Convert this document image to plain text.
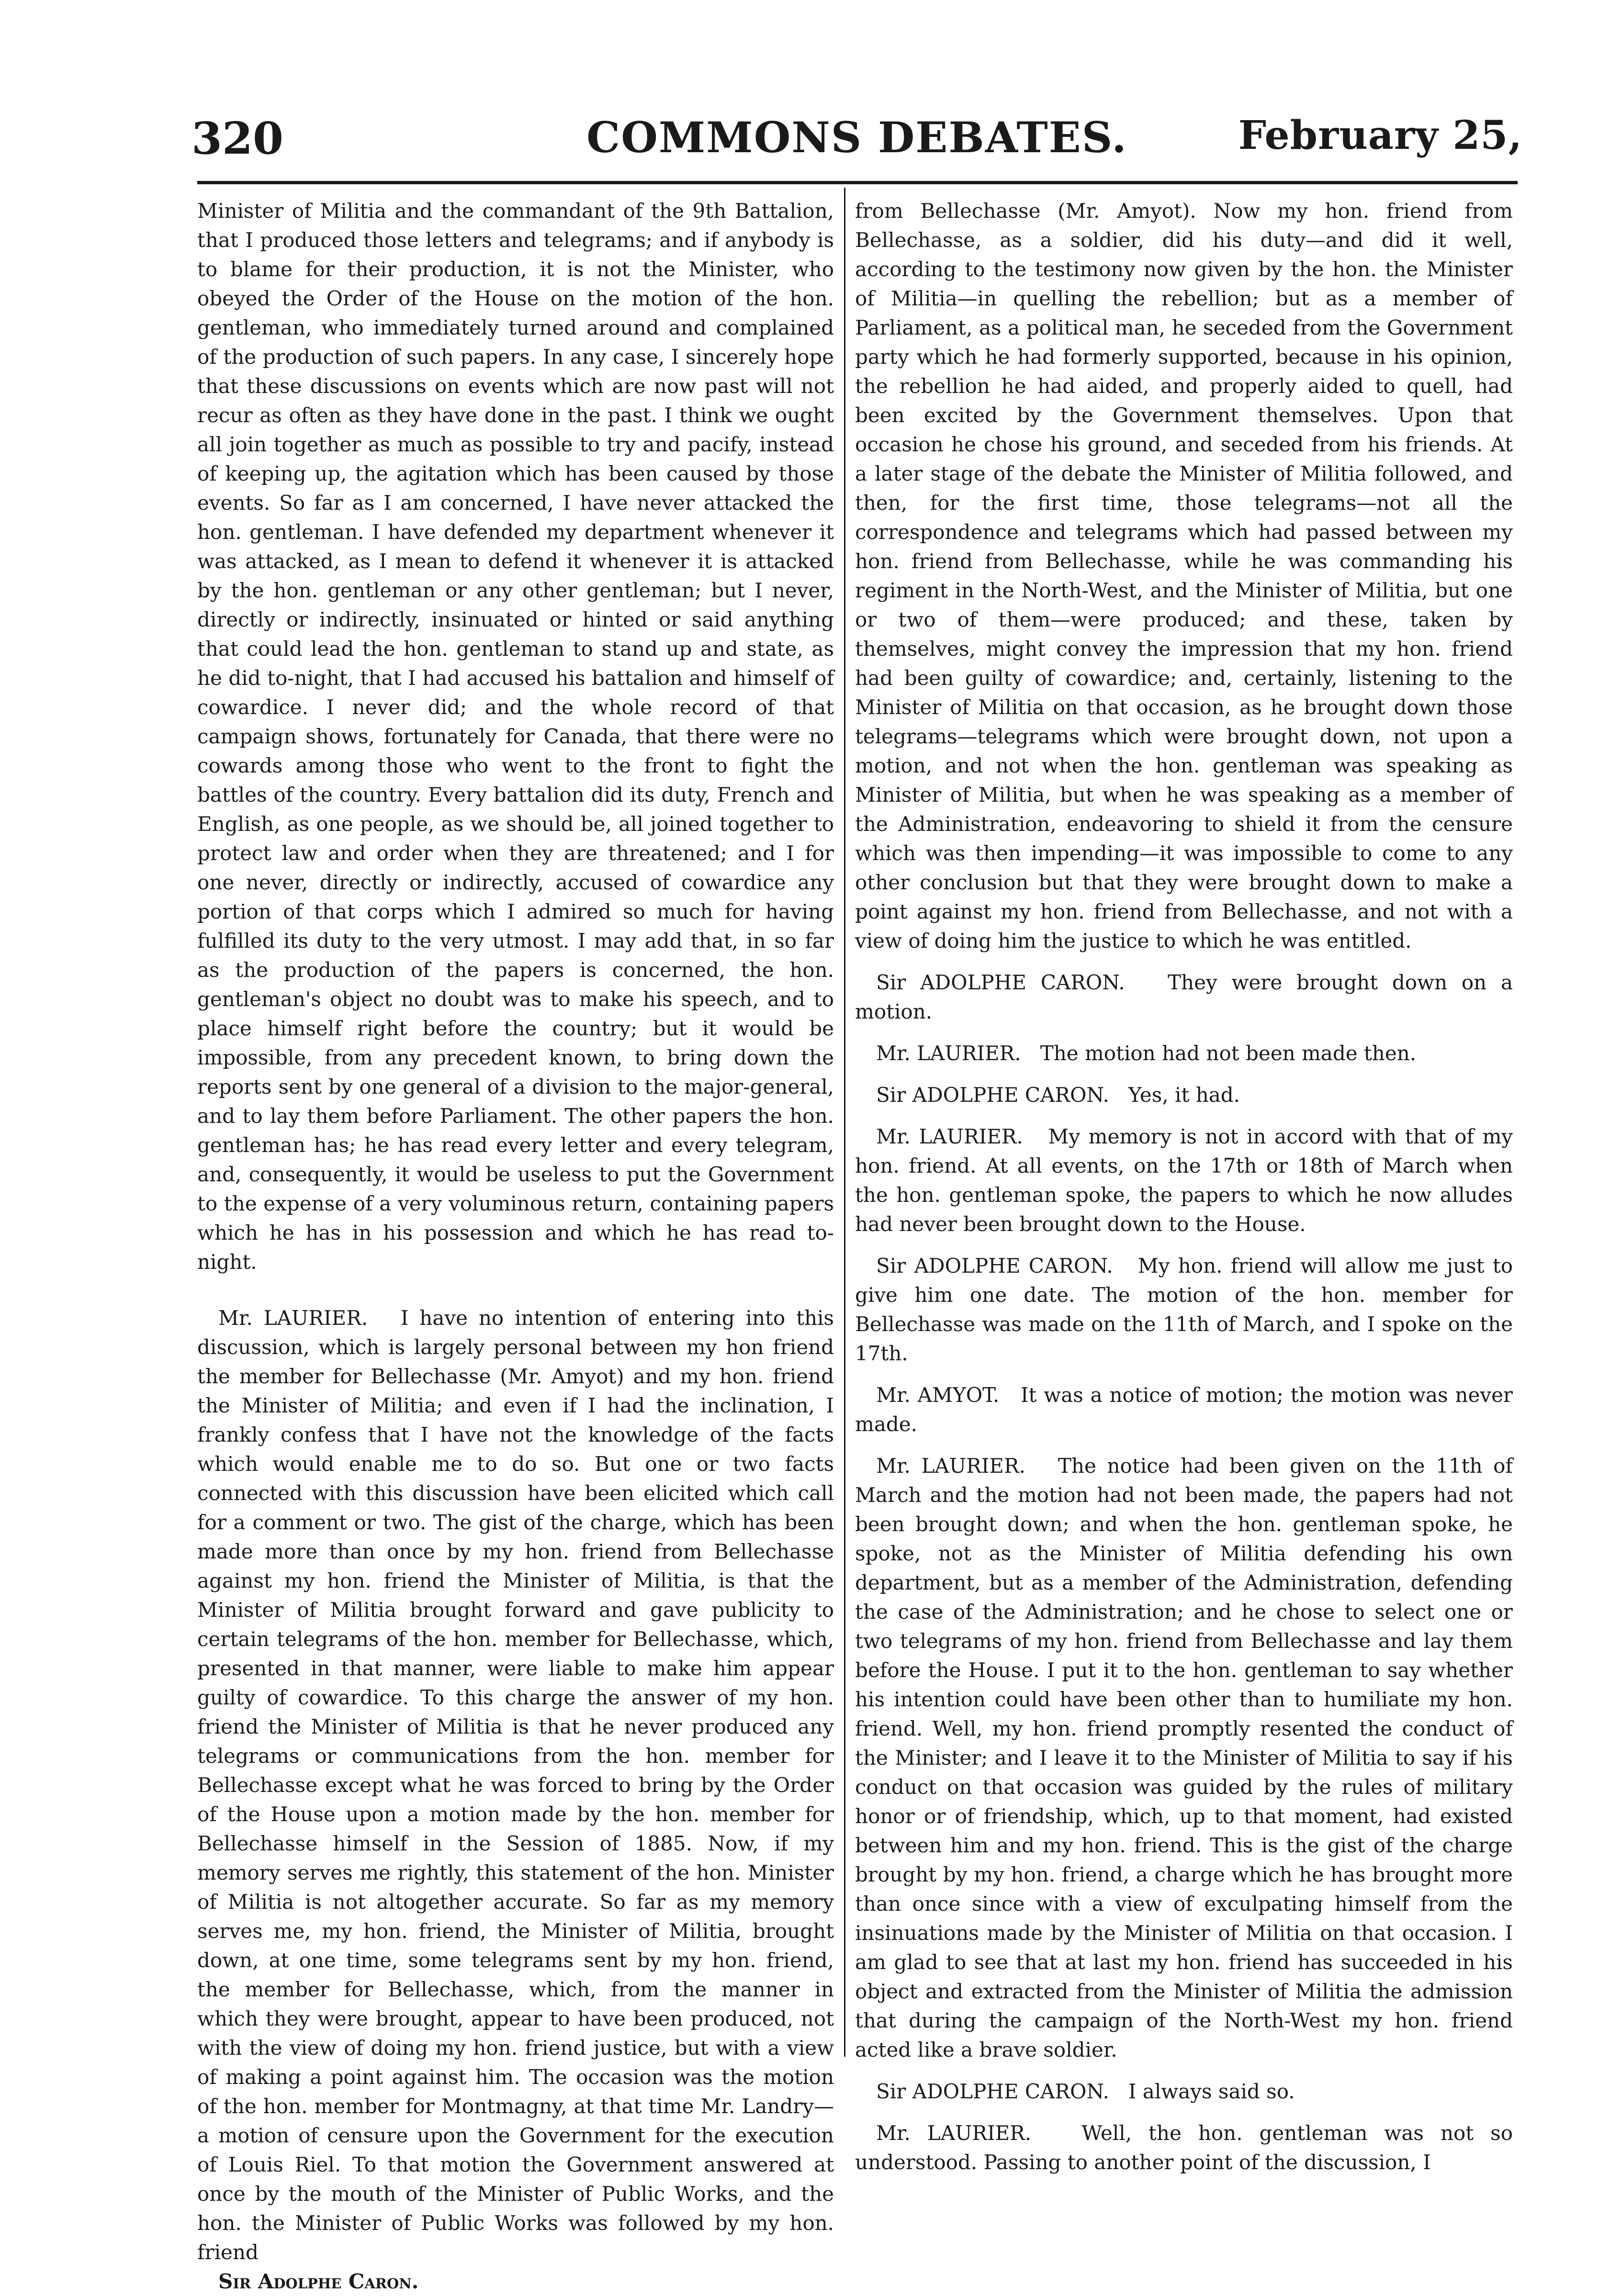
320	COMMONS DEBATES.	February 25,

Minister of Militia and the commandant of the 9th Battalion, that I produced those letters and telegrams; and if anybody is to blame for their production, it is not the Minister, who obeyed the Order of the House on the motion of the hon. gentleman, who immediately turned around and complained of the production of such papers. In any case, I sincerely hope that these discussions on events which are now past will not recur as often as they have done in the past. I think we ought all join together as much as possible to try and pacify, instead of keeping up, the agitation which has been caused by those events. So far as I am concerned, I have never attacked the hon. gentleman. I have defended my department whenever it was attacked, as I mean to defend it whenever it is attacked by the hon. gentleman or any other gentleman; but I never, directly or indirectly, insinuated or hinted or said anything that could lead the hon. gentleman to stand up and state, as he did to-night, that I had accused his battalion and himself of cowardice. I never did; and the whole record of that campaign shows, fortunately for Canada, that there were no cowards among those who went to the front to fight the battles of the country. Every battalion did its duty, French and English, as one people, as we should be, all joined together to protect law and order when they are threatened; and I for one never, directly or indirectly, accused of cowardice any portion of that corps which I admired so much for having fulfilled its duty to the very utmost. I may add that, in so far as the production of the papers is concerned, the hon. gentleman's object no doubt was to make his speech, and to place himself right before the country; but it would be impossible, from any precedent known, to bring down the reports sent by one general of a division to the major-general, and to lay them before Parliament. The other papers the hon. gentleman has; he has read every letter and every telegram, and, consequently, it would be useless to put the Government to the expense of a very voluminous return, containing papers which he has in his possession and which he has read to-night.

Mr. LAURIER. I have no intention of entering into this discussion, which is largely personal between my hon friend the member for Bellechasse (Mr. Amyot) and my hon. friend the Minister of Militia; and even if I had the inclination, I frankly confess that I have not the knowledge of the facts which would enable me to do so. But one or two facts connected with this discussion have been elicited which call for a comment or two. The gist of the charge, which has been made more than once by my hon. friend from Bellechasse against my hon. friend the Minister of Militia, is that the Minister of Militia brought forward and gave publicity to certain telegrams of the hon. member for Bellechasse, which, presented in that manner, were liable to make him appear guilty of cowardice. To this charge the answer of my hon. friend the Minister of Militia is that he never produced any telegrams or communications from the hon. member for Bellechasse except what he was forced to bring by the Order of the House upon a motion made by the hon. member for Bellechasse himself in the Session of 1885. Now, if my memory serves me rightly, this statement of the hon. Minister of Militia is not altogether accurate. So far as my memory serves me, my hon. friend, the Minister of Militia, brought down, at one time, some telegrams sent by my hon. friend, the member for Bellechasse, which, from the manner in which they were brought, appear to have been produced, not with the view of doing my hon. friend justice, but with a view of making a point against him. The occasion was the motion of the hon. member for Montmagny, at that time Mr. Landry—a motion of censure upon the Government for the execution of Louis Riel. To that motion the Government answered at once by the mouth of the Minister of Public Works, and the hon. the Minister of Public Works was followed by my hon. friend

Sir Adolphe Caron.

from Bellechasse (Mr. Amyot). Now my hon. friend from Bellechasse, as a soldier, did his duty—and did it well, according to the testimony now given by the hon. the Minister of Militia—in quelling the rebellion; but as a member of Parliament, as a political man, he seceded from the Government party which he had formerly supported, because in his opinion, the rebellion he had aided, and properly aided to quell, had been excited by the Government themselves. Upon that occasion he chose his ground, and seceded from his friends. At a later stage of the debate the Minister of Militia followed, and then, for the first time, those telegrams—not all the correspondence and telegrams which had passed between my hon. friend from Bellechasse, while he was commanding his regiment in the North-West, and the Minister of Militia, but one or two of them—were produced; and these, taken by themselves, might convey the impression that my hon. friend had been guilty of cowardice; and, certainly, listening to the Minister of Militia on that occasion, as he brought down those telegrams—telegrams which were brought down, not upon a motion, and not when the hon. gentleman was speaking as Minister of Militia, but when he was speaking as a member of the Administration, endeavoring to shield it from the censure which was then impending—it was impossible to come to any other conclusion but that they were brought down to make a point against my hon. friend from Bellechasse, and not with a view of doing him the justice to which he was entitled.

Sir ADOLPHE CARON. They were brought down on a motion.

Mr. LAURIER. The motion had not been made then.

Sir ADOLPHE CARON. Yes, it had.

Mr. LAURIER. My memory is not in accord with that of my hon. friend. At all events, on the 17th or 18th of March when the hon. gentleman spoke, the papers to which he now alludes had never been brought down to the House.

Sir ADOLPHE CARON. My hon. friend will allow me just to give him one date. The motion of the hon. member for Bellechasse was made on the 11th of March, and I spoke on the 17th.

Mr. AMYOT. It was a notice of motion; the motion was never made.

Mr. LAURIER. The notice had been given on the 11th of March and the motion had not been made, the papers had not been brought down; and when the hon. gentleman spoke, he spoke, not as the Minister of Militia defending his own department, but as a member of the Administration, defending the case of the Administration; and he chose to select one or two telegrams of my hon. friend from Bellechasse and lay them before the House. I put it to the hon. gentleman to say whether his intention could have been other than to humiliate my hon. friend. Well, my hon. friend promptly resented the conduct of the Minister; and I leave it to the Minister of Militia to say if his conduct on that occasion was guided by the rules of military honor or of friendship, which, up to that moment, had existed between him and my hon. friend. This is the gist of the charge brought by my hon. friend, a charge which he has brought more than once since with a view of exculpating himself from the insinuations made by the Minister of Militia on that occasion. I am glad to see that at last my hon. friend has succeeded in his object and extracted from the Minister of Militia the admission that during the campaign of the North-West my hon. friend acted like a brave soldier.

Sir ADOLPHE CARON. I always said so.

Mr. LAURIER. Well, the hon. gentleman was not so understood. Passing to another point of the discussion, I
